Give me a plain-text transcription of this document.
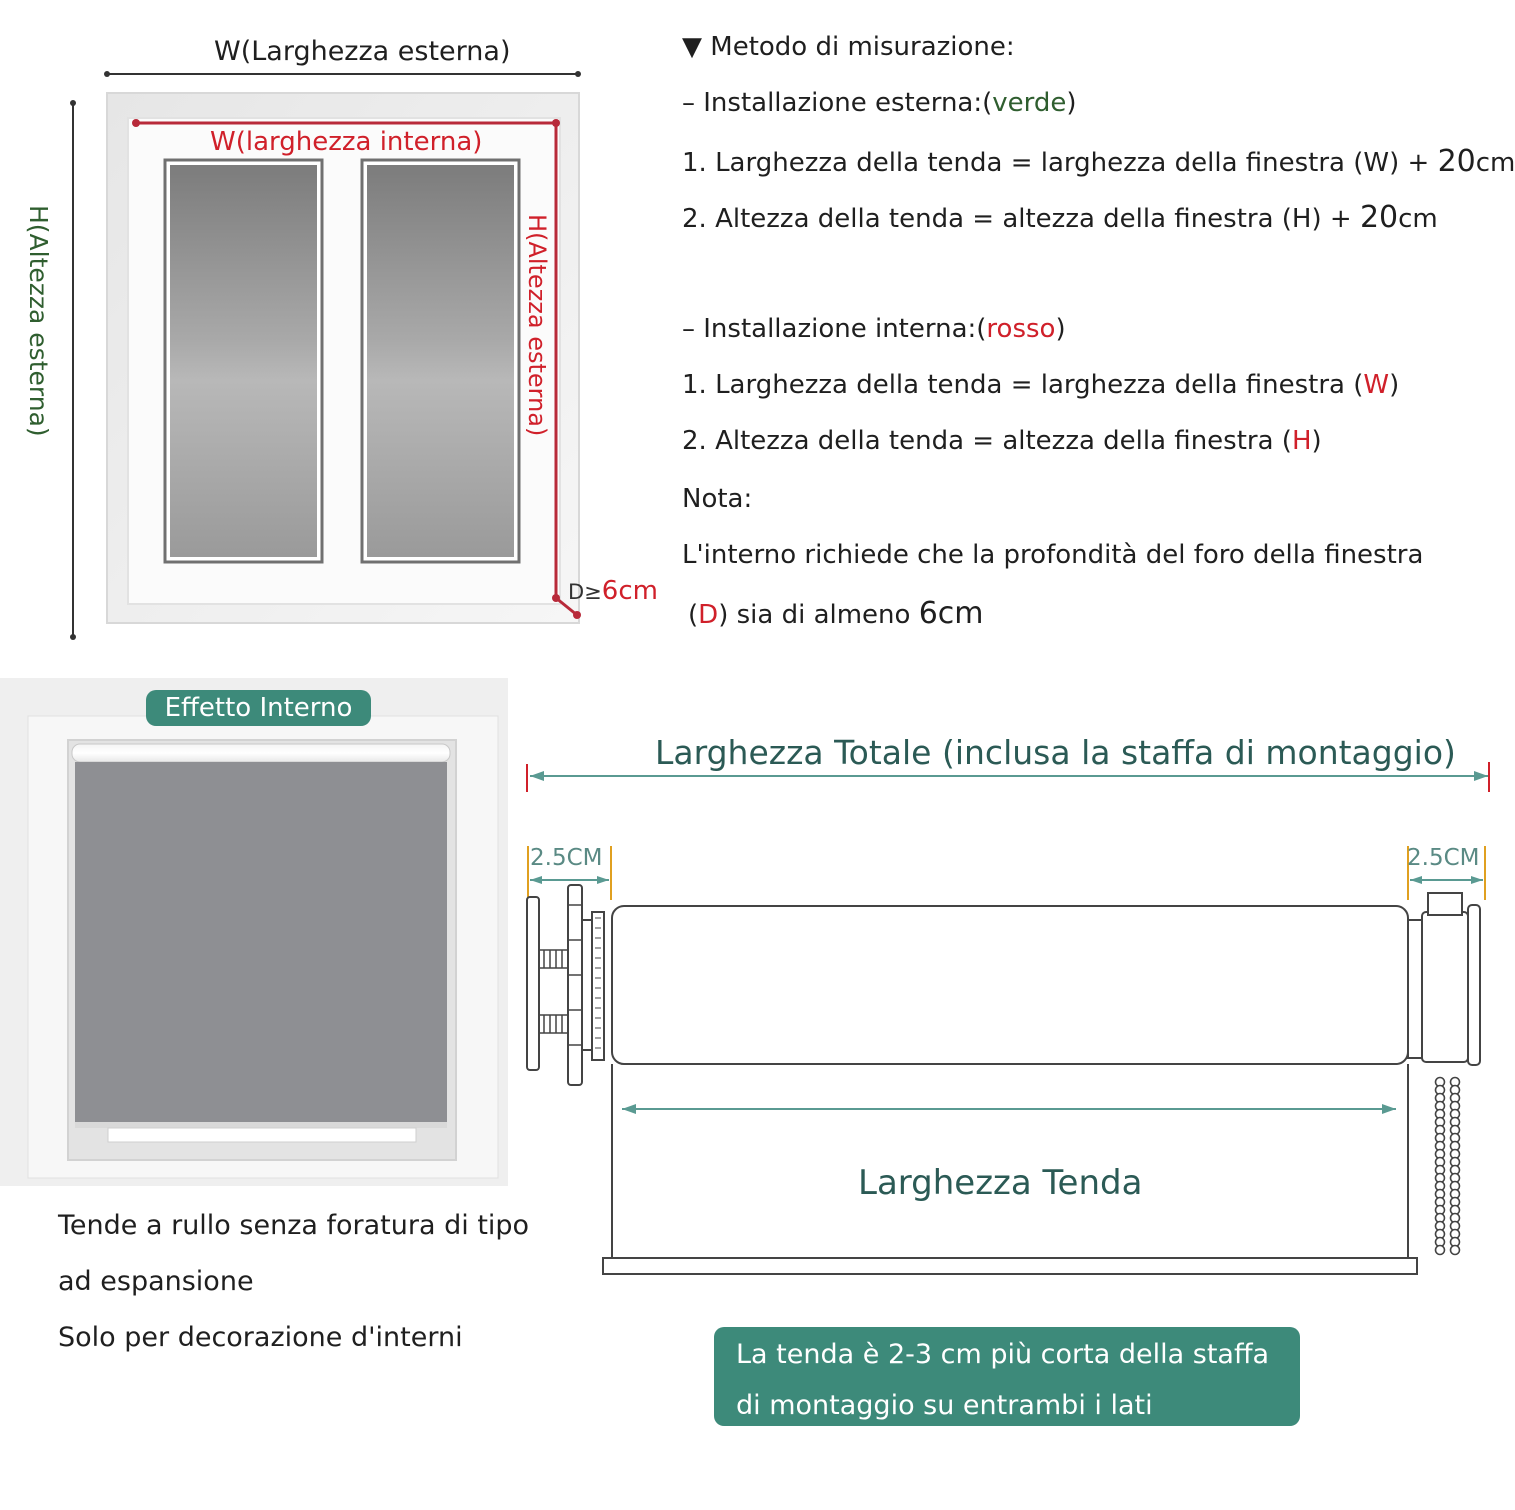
W(Larghezza esterna)
W(larghezza interna)
H(Altezza esterna)	H(Altezza esterna)
D≥6cm
▼ Metodo di misurazione:
– Installazione esterna:(verde)
1. Larghezza della tenda = larghezza della finestra (W) + 20cm
2. Altezza della tenda = altezza della finestra (H) + 20cm
– Installazione interna:(rosso)
1. Larghezza della tenda = larghezza della finestra (W)
2. Altezza della tenda = altezza della finestra (H)
Nota:
L'interno richiede che la profondità del foro della finestra
(D) sia di almeno 6cm
Effetto Interno
Tende a rullo senza foratura di tipo
ad espansione
Solo per decorazione d'interni
Larghezza Totale (inclusa la staffa di montaggio)
2.5CM	2.5CM
Larghezza Tenda
La tenda è 2-3 cm più corta della staffa
di montaggio su entrambi i lati
